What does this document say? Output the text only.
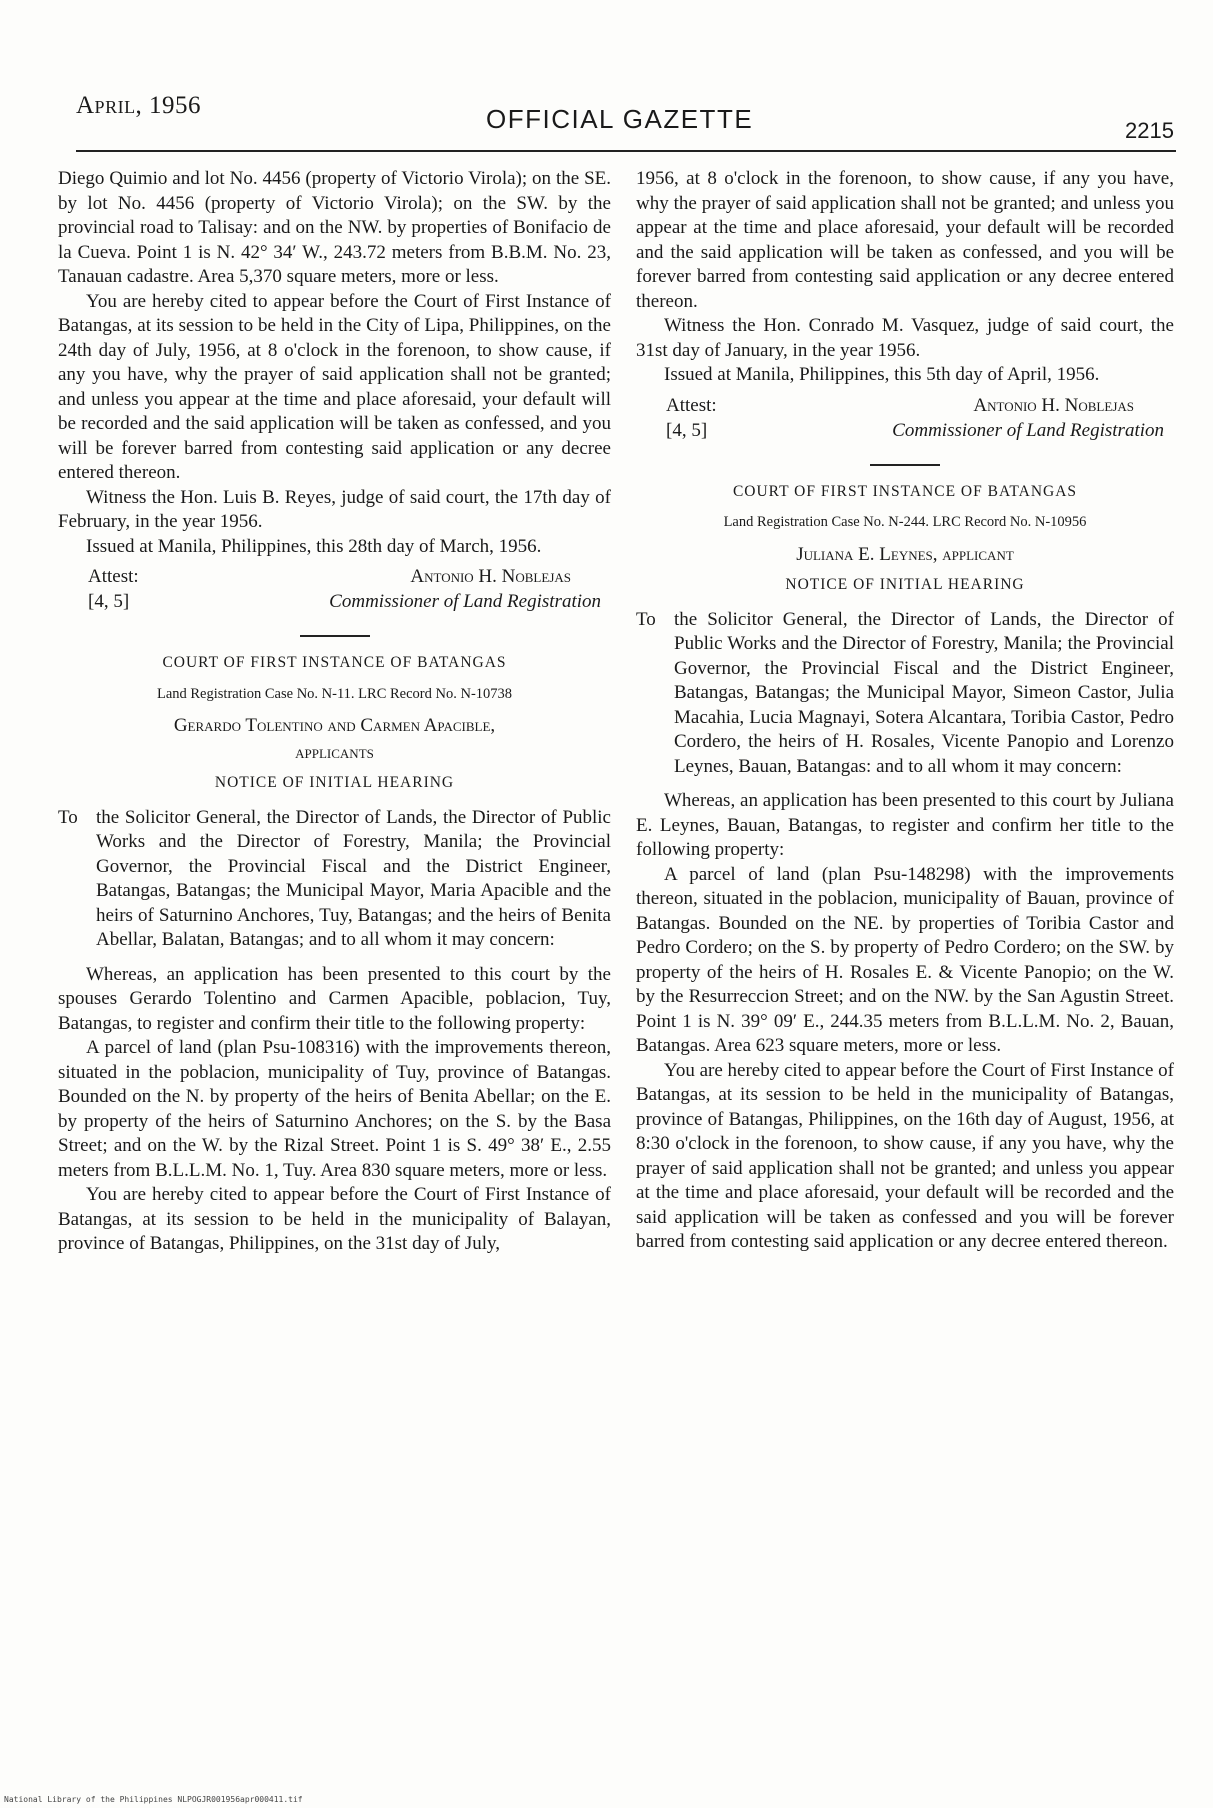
April, 1956	OFFICIAL GAZETTE	2215

Diego Quimio and lot No. 4456 (property of Victorio Virola); on the SE. by lot No. 4456 (property of Victorio Virola); on the SW. by the provincial road to Talisay: and on the NW. by properties of Bonifacio de la Cueva. Point 1 is N. 42° 34′ W., 243.72 meters from B.B.M. No. 23, Tanauan cadastre. Area 5,370 square meters, more or less.

You are hereby cited to appear before the Court of First Instance of Batangas, at its session to be held in the City of Lipa, Philippines, on the 24th day of July, 1956, at 8 o'clock in the forenoon, to show cause, if any you have, why the prayer of said application shall not be granted; and unless you appear at the time and place aforesaid, your default will be recorded and the said application will be taken as confessed, and you will be forever barred from contesting said application or any decree entered thereon.

Witness the Hon. Luis B. Reyes, judge of said court, the 17th day of February, in the year 1956.

Issued at Manila, Philippines, this 28th day of March, 1956.

Attest:
[4, 5]
Antonio H. Noblejas
Commissioner of Land Registration
COURT OF FIRST INSTANCE OF BATANGAS
Land Registration Case No. N-11. LRC Record No. N-10738
Gerardo Tolentino and Carmen Apacible,
applicants
NOTICE OF INITIAL HEARING
To the Solicitor General, the Director of Lands, the Director of Public Works and the Director of Forestry, Manila; the Provincial Governor, the Provincial Fiscal and the District Engineer, Batangas, Batangas; the Municipal Mayor, Maria Apacible and the heirs of Saturnino Anchores, Tuy, Batangas; and the heirs of Benita Abellar, Balatan, Batangas; and to all whom it may concern:

Whereas, an application has been presented to this court by the spouses Gerardo Tolentino and Carmen Apacible, poblacion, Tuy, Batangas, to register and confirm their title to the following property:

A parcel of land (plan Psu-108316) with the improvements thereon, situated in the poblacion, municipality of Tuy, province of Batangas. Bounded on the N. by property of the heirs of Benita Abellar; on the E. by property of the heirs of Saturnino Anchores; on the S. by the Basa Street; and on the W. by the Rizal Street. Point 1 is S. 49° 38′ E., 2.55 meters from B.L.L.M. No. 1, Tuy. Area 830 square meters, more or less.

You are hereby cited to appear before the Court of First Instance of Batangas, at its session to be held in the municipality of Balayan, province of Batangas, Philippines, on the 31st day of July,

1956, at 8 o'clock in the forenoon, to show cause, if any you have, why the prayer of said application shall not be granted; and unless you appear at the time and place aforesaid, your default will be recorded and the said application will be taken as confessed, and you will be forever barred from contesting said application or any decree entered thereon.

Witness the Hon. Conrado M. Vasquez, judge of said court, the 31st day of January, in the year 1956.

Issued at Manila, Philippines, this 5th day of April, 1956.

Attest:
[4, 5]
Antonio H. Noblejas
Commissioner of Land Registration
COURT OF FIRST INSTANCE OF BATANGAS
Land Registration Case No. N-244. LRC Record No. N-10956
Juliana E. Leynes, applicant
NOTICE OF INITIAL HEARING
To the Solicitor General, the Director of Lands, the Director of Public Works and the Director of Forestry, Manila; the Provincial Governor, the Provincial Fiscal and the District Engineer, Batangas, Batangas; the Municipal Mayor, Simeon Castor, Julia Macahia, Lucia Magnayi, Sotera Alcantara, Toribia Castor, Pedro Cordero, the heirs of H. Rosales, Vicente Panopio and Lorenzo Leynes, Bauan, Batangas: and to all whom it may concern:

Whereas, an application has been presented to this court by Juliana E. Leynes, Bauan, Batangas, to register and confirm her title to the following property:

A parcel of land (plan Psu-148298) with the improvements thereon, situated in the poblacion, municipality of Bauan, province of Batangas. Bounded on the NE. by properties of Toribia Castor and Pedro Cordero; on the S. by property of Pedro Cordero; on the SW. by property of the heirs of H. Rosales E. & Vicente Panopio; on the W. by the Resurreccion Street; and on the NW. by the San Agustin Street. Point 1 is N. 39° 09′ E., 244.35 meters from B.L.L.M. No. 2, Bauan, Batangas. Area 623 square meters, more or less.

You are hereby cited to appear before the Court of First Instance of Batangas, at its session to be held in the municipality of Batangas, province of Batangas, Philippines, on the 16th day of August, 1956, at 8:30 o'clock in the forenoon, to show cause, if any you have, why the prayer of said application shall not be granted; and unless you appear at the time and place aforesaid, your default will be recorded and the said application will be taken as confessed and you will be forever barred from contesting said application or any decree entered thereon.

National Library of the Philippines NLPOGJR001956apr000411.tif
